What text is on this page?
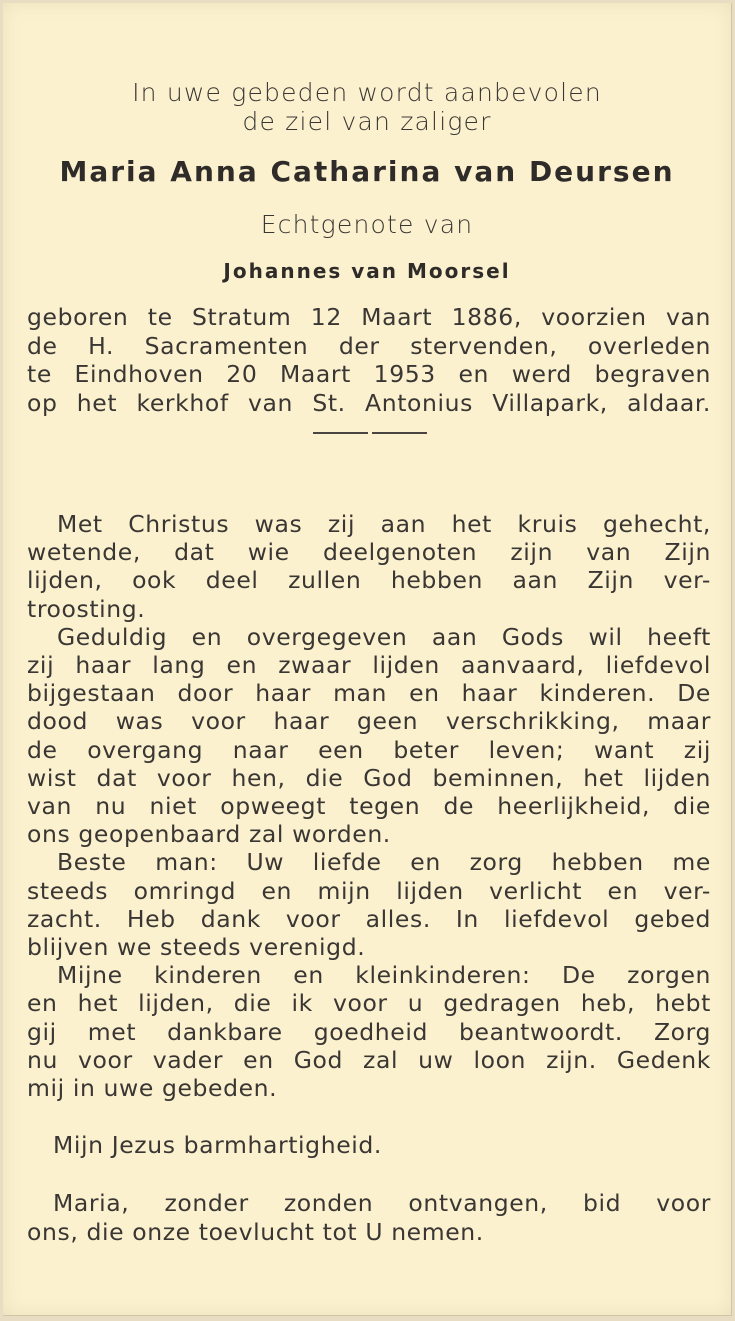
In uwe gebeden wordt aanbevolen
de ziel van zaliger
Maria Anna Catharina van Deursen
Echtgenote van
Johannes van Moorsel
geboren te Stratum 12 Maart 1886, voorzien van
de H. Sacramenten der stervenden, overleden
te Eindhoven 20 Maart 1953 en werd begraven
op het kerkhof van St. Antonius Villapark, aldaar.
Met Christus was zij aan het kruis gehecht,
wetende, dat wie deelgenoten zijn van Zijn
lijden, ook deel zullen hebben aan Zijn ver-
troosting.
Geduldig en overgegeven aan Gods wil heeft
zij haar lang en zwaar lijden aanvaard, liefdevol
bijgestaan door haar man en haar kinderen. De
dood was voor haar geen verschrikking, maar
de overgang naar een beter leven; want zij
wist dat voor hen, die God beminnen, het lijden
van nu niet opweegt tegen de heerlijkheid, die
ons geopenbaard zal worden.
Beste man: Uw liefde en zorg hebben me
steeds omringd en mijn lijden verlicht en ver-
zacht. Heb dank voor alles. In liefdevol gebed
blijven we steeds verenigd.
Mijne kinderen en kleinkinderen: De zorgen
en het lijden, die ik voor u gedragen heb, hebt
gij met dankbare goedheid beantwoordt. Zorg
nu voor vader en God zal uw loon zijn. Gedenk
mij in uwe gebeden.
Mijn Jezus barmhartigheid.
Maria, zonder zonden ontvangen, bid voor
ons, die onze toevlucht tot U nemen.
